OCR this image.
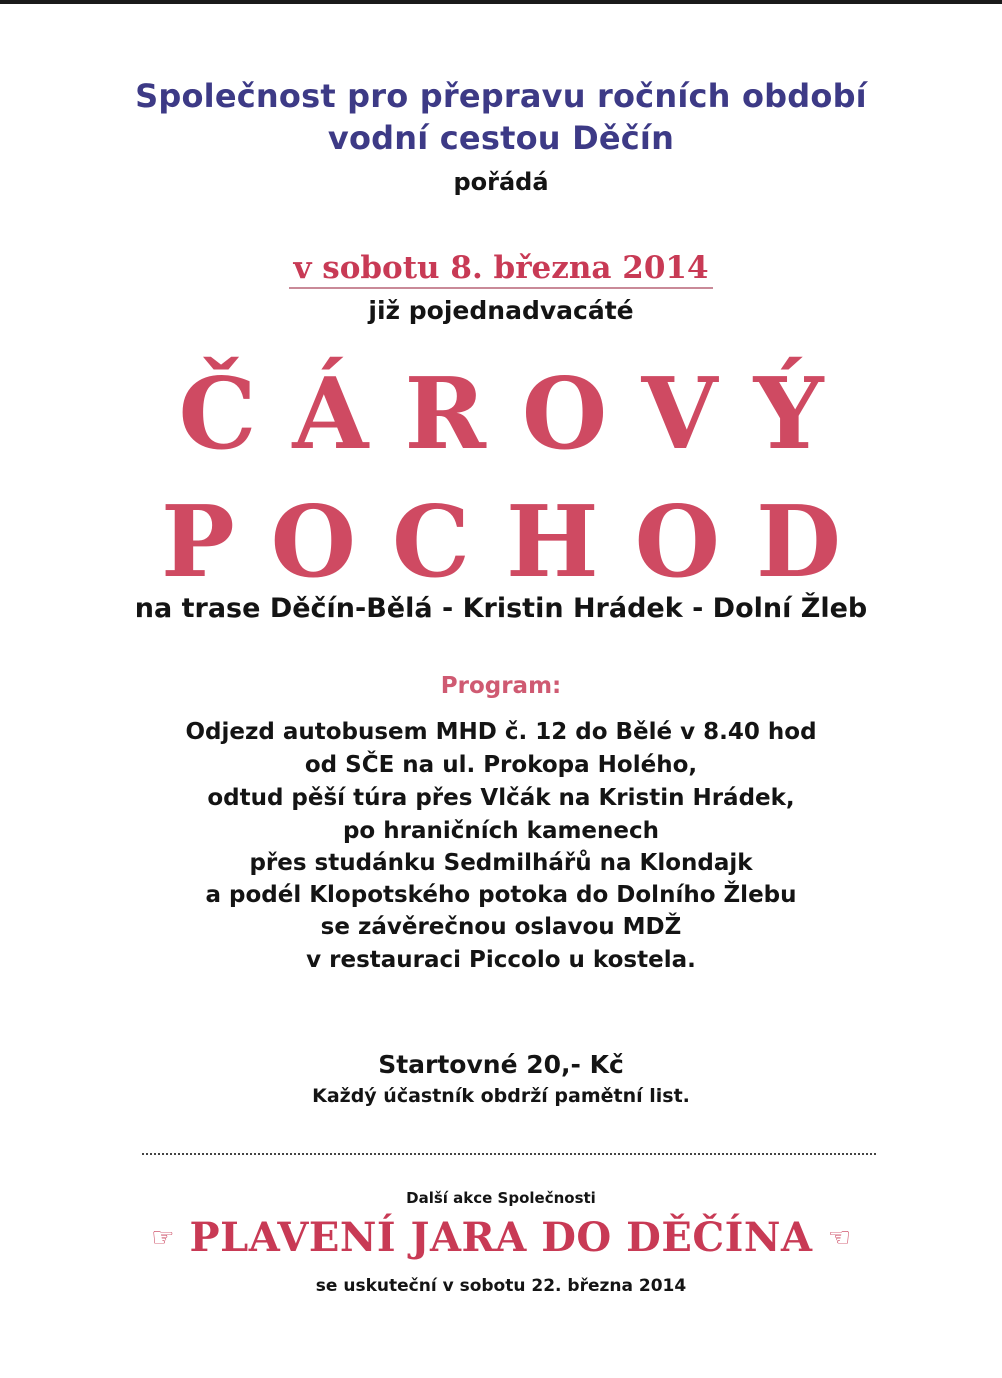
Společnost pro přepravu ročních období
vodní cestou Děčín
pořádá
v sobotu 8. března 2014
již pojednadvacáté
ČÁROVÝ
POCHOD
na trase Děčín-Bělá - Kristin Hrádek - Dolní Žleb
Program:
Odjezd autobusem MHD č. 12 do Bělé v 8.40 hod
od SČE na ul. Prokopa Holého,
odtud pěší túra přes Vlčák na Kristin Hrádek,
po hraničních kamenech
přes studánku Sedmilhářů na Klondajk
a podél Klopotského potoka do Dolního Žlebu
se závěrečnou oslavou MDŽ
v restauraci Piccolo u kostela.
Startovné 20,- Kč
Každý účastník obdrží pamětní list.
Další akce Společnosti
☞ PLAVENÍ JARA DO DĚČÍNA ☜
se uskuteční v sobotu 22. března 2014
